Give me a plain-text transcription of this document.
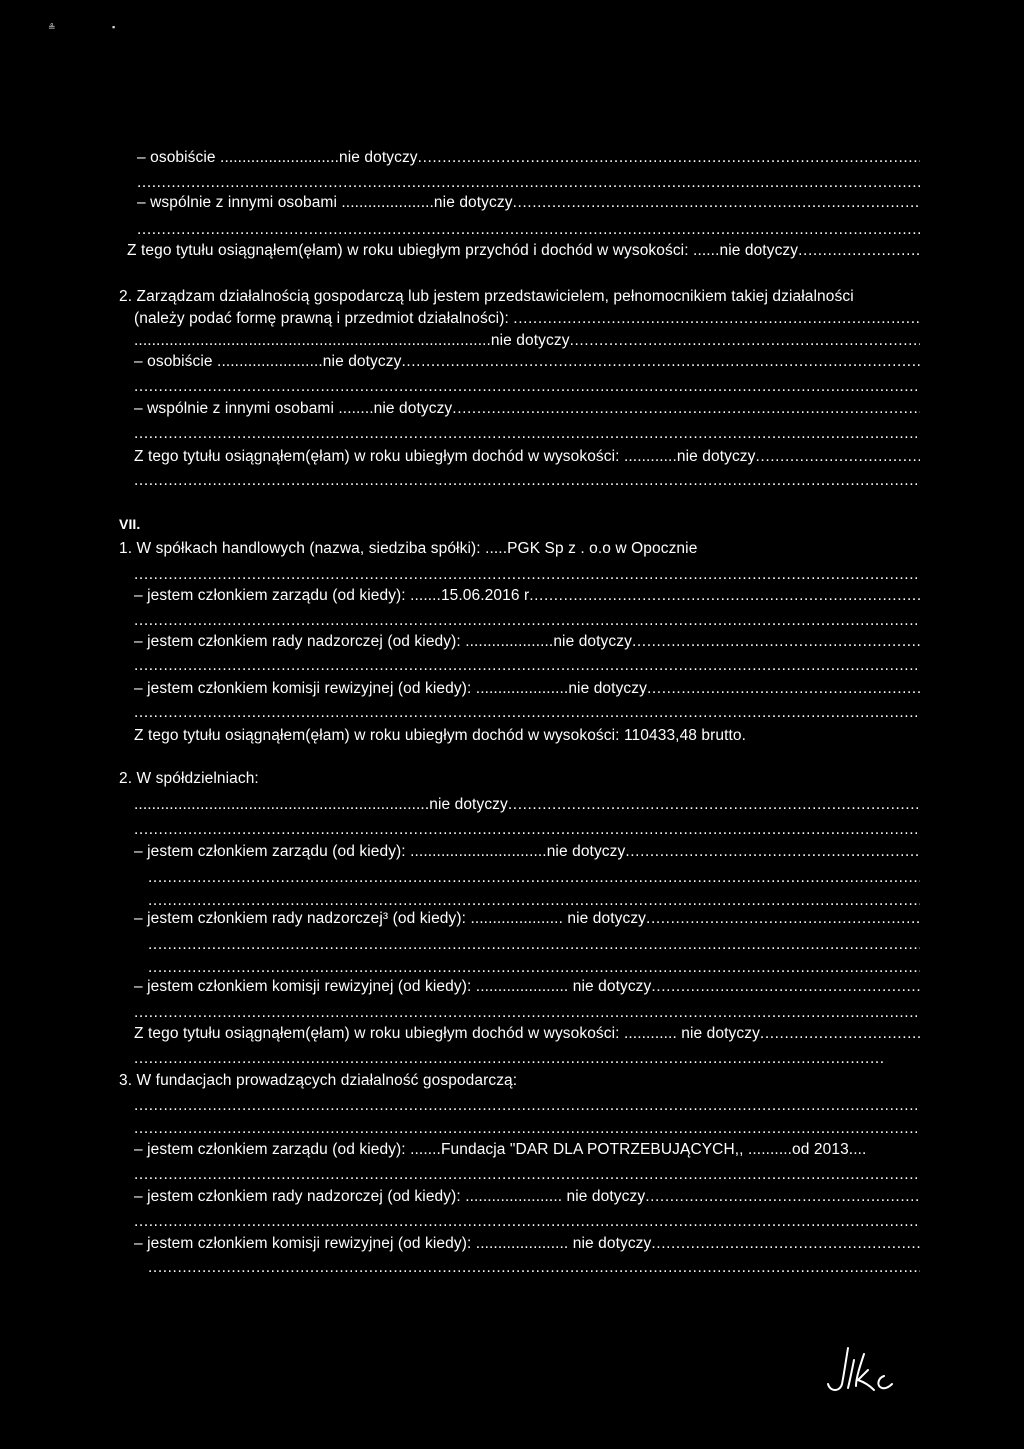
≗	▪
– osobiście ...........................nie dotyczy .....
.....
– wspólnie z innymi osobami .....................nie dotyczy .....
.....
Z tego tytułu osiągnąłem(ęłam) w roku ubiegłym przychód i dochód w wysokości: ......nie dotyczy .....
2. Zarządzam działalnością gospodarczą lub jestem przedstawicielem, pełnomocnikiem takiej działalności
(należy podać formę prawną i przedmiot działalności):  .....
.................................................................................nie dotyczy .....
– osobiście ........................nie dotyczy .....
.....
– wspólnie z innymi osobami ........nie dotyczy .....
.....
Z tego tytułu osiągnąłem(ęłam) w roku ubiegłym dochód w wysokości: ............nie dotyczy .....
.....
VII.
1. W spółkach handlowych (nazwa, siedziba spółki): .....PGK Sp z . o.o w Opocznie
.....
– jestem członkiem zarządu (od kiedy): .......15.06.2016 r .....
.....
– jestem członkiem rady nadzorczej (od kiedy): ....................nie dotyczy .....
.....
– jestem członkiem komisji rewizyjnej (od kiedy): .....................nie dotyczy .....
.....
Z tego tytułu osiągnąłem(ęłam) w roku ubiegłym dochód w wysokości: 110433,48 brutto.
2. W spółdzielniach:
...................................................................nie dotyczy .....
.....
– jestem członkiem zarządu (od kiedy): ...............................nie dotyczy .....
.....
.....
– jestem członkiem rady nadzorczej³ (od kiedy): ..................... nie dotyczy .....
.....
.....
– jestem członkiem komisji rewizyjnej (od kiedy): ..................... nie dotyczy .....
.....
Z tego tytułu osiągnąłem(ęłam) w roku ubiegłym dochód w wysokości: ............ nie dotyczy .....
.....
3. W fundacjach prowadzących działalność gospodarczą:
.....
.....
– jestem członkiem zarządu (od kiedy): .......Fundacja "DAR DLA POTRZEBUJĄCYCH,, ..........od 2013....
.....
– jestem członkiem rady nadzorczej (od kiedy): ...................... nie dotyczy .....
.....
– jestem członkiem komisji rewizyjnej (od kiedy): ..................... nie dotyczy .....
.....
